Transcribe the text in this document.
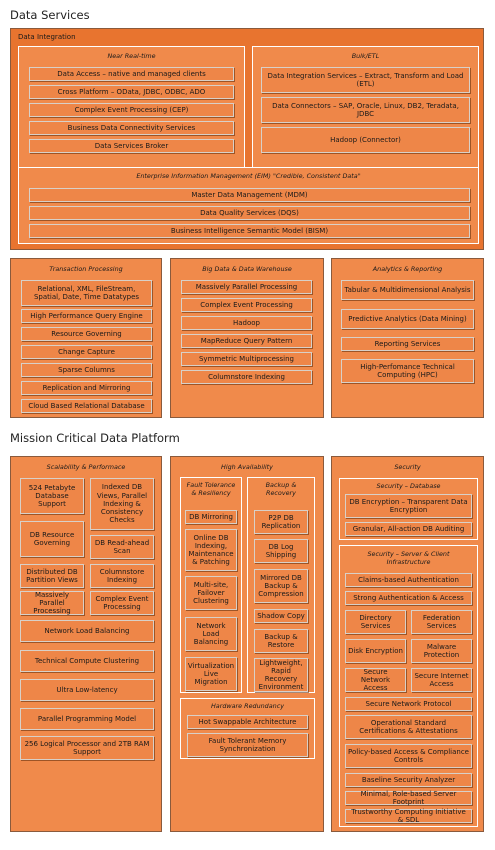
Data Services
Data Integration
Near Real-time
Data Access – native and managed clients
Cross Platform – OData, JDBC, ODBC, ADO
Complex Event Processing (CEP)
Business Data Connectivity Services
Data Services Broker
Bulk/ETL
Data Integration Services – Extract, Transform and Load (ETL)
Data Connectors – SAP, Oracle, Linux, DB2, Teradata, JDBC
Hadoop (Connector)
Enterprise Information Management (EIM) "Credible, Consistent Data"
Master Data Management (MDM)
Data Quality Services (DQS)
Business Intelligence Semantic Model (BISM)
Transaction Processing
Relational, XML, FileStream, Spatial, Date, Time Datatypes
High Performance Query Engine
Resource Governing
Change Capture
Sparse Columns
Replication and Mirroring
Cloud Based Relational Database
Big Data & Data Warehouse
Massively Parallel Processing
Complex Event Processing
Hadoop
MapReduce Query Pattern
Symmetric Multiprocessing
Columnstore Indexing
Analytics & Reporting
Tabular & Multidimensional Analysis
Predictive Analytics (Data Mining)
Reporting Services
High-Perfomance Technical Computing (HPC)
Mission Critical Data Platform
Scalability & Performace
524 Petabyte Database Support
Indexed DB Views, Parallel Indexing & Consistency Checks
DB Resource Governing	DB Read-ahead Scan
Distributed DB Partition Views
Columnstore Indexing
Massively Parallel Processing
Complex Event Processing
Network Load Balancing
Technical Compute Clustering
Ultra Low-latency
Parallel Programming Model
256 Logical Processor and 2TB RAM Support
High Availability
Fault Tolerance & Resiliency
DB Mirroring
Online DB Indexing, Maintenance & Patching
Multi-site, Failover Clustering
Network Load Balancing
Virtualization Live Migration
Backup & Recovery
P2P DB Replication
DB Log Shipping
Mirrored DB Backup & Compression
Shadow Copy
Backup & Restore
Lightweight, Rapid Recovery Environment
Hardware Redundancy
Hot Swappable Architecture
Fault Tolerant Memory Synchronization
Security
Security – Database
DB Encryption – Transparent Data Encryption
Granular, All-action DB Auditing
Security – Server & Client Infrastructure
Claims-based Authentication
Strong Authentication & Access
Directory Services
Federation Services
Disk Encryption
Malware Protection
Secure Network Access
Secure Internet Access
Secure Network Protocol
Operational Standard Certifications & Attestations
Policy-based Access & Compliance Controls
Baseline Security Analyzer
Minimal, Role-based Server Footprint
Trustworthy Computing Initiative & SDL
